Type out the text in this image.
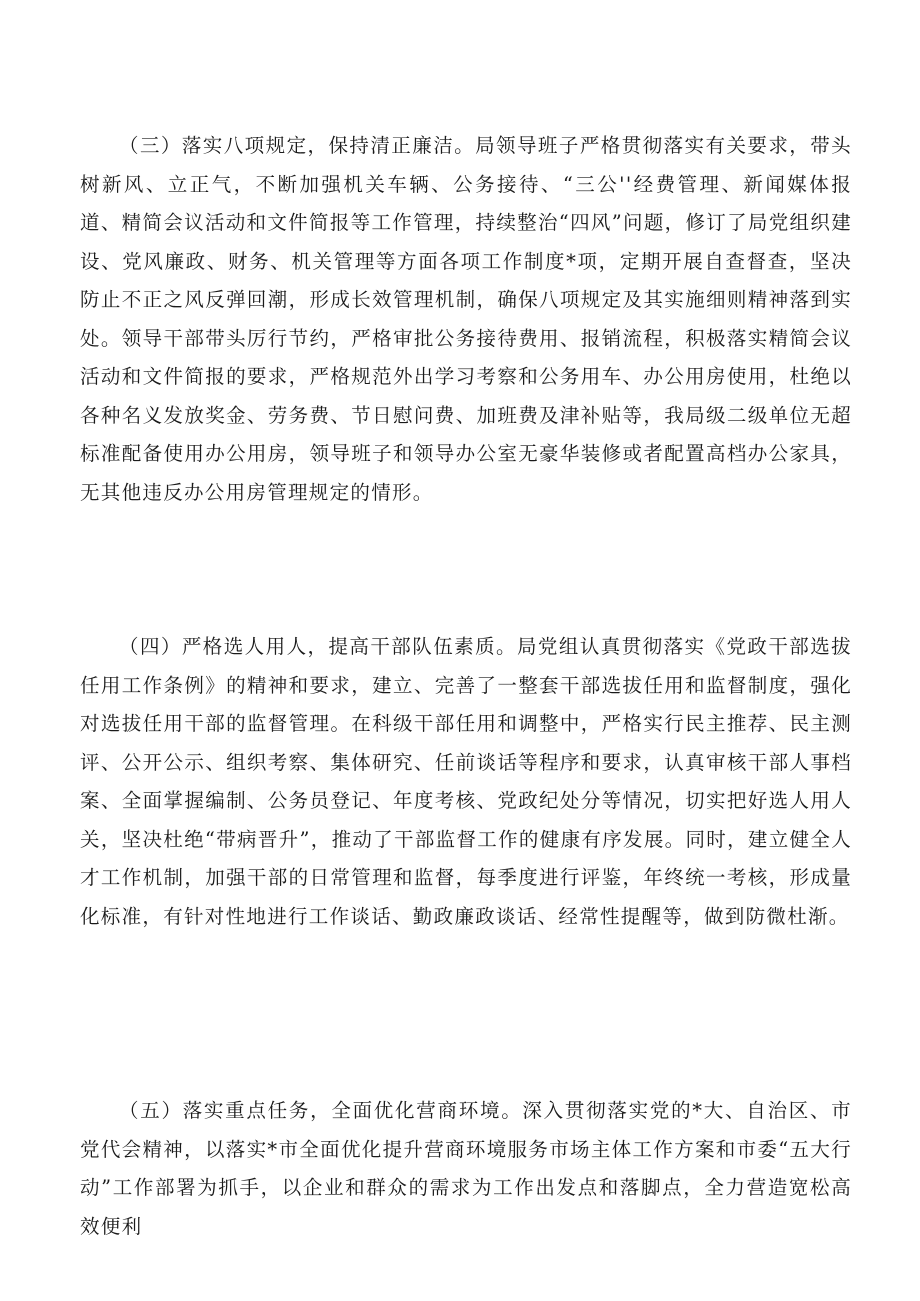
（三）落实八项规定，保持清正廉洁。局领导班子严格贯彻落实有关要求，带头树新风、立正气，不断加强机关车辆、公务接待、“三公''经费管理、新闻媒体报道、精简会议活动和文件简报等工作管理，持续整治“四风”问题，修订了局党组织建设、党风廉政、财务、机关管理等方面各项工作制度*项，定期开展自查督查，坚决防止不正之风反弹回潮，形成长效管理机制，确保八项规定及其实施细则精神落到实处。领导干部带头厉行节约，严格审批公务接待费用、报销流程，积极落实精简会议活动和文件简报的要求，严格规范外出学习考察和公务用车、办公用房使用，杜绝以各种名义发放奖金、劳务费、节日慰问费、加班费及津补贴等，我局级二级单位无超标准配备使用办公用房，领导班子和领导办公室无豪华装修或者配置高档办公家具，无其他违反办公用房管理规定的情形。

（四）严格选人用人，提高干部队伍素质。局党组认真贯彻落实《党政干部选拔任用工作条例》的精神和要求，建立、完善了一整套干部选拔任用和监督制度，强化对选拔任用干部的监督管理。在科级干部任用和调整中，严格实行民主推荐、民主测评、公开公示、组织考察、集体研究、任前谈话等程序和要求，认真审核干部人事档案、全面掌握编制、公务员登记、年度考核、党政纪处分等情况，切实把好选人用人关，坚决杜绝“带病晋升”，推动了干部监督工作的健康有序发展。同时，建立健全人才工作机制，加强干部的日常管理和监督，每季度进行评鉴，年终统一考核，形成量化标准，有针对性地进行工作谈话、勤政廉政谈话、经常性提醒等，做到防微杜渐。

（五）落实重点任务，全面优化营商环境。深入贯彻落实党的*大、自治区、市党代会精神，以落实*市全面优化提升营商环境服务市场主体工作方案和市委“五大行动”工作部署为抓手，以企业和群众的需求为工作出发点和落脚点，全力营造宽松高效便利
